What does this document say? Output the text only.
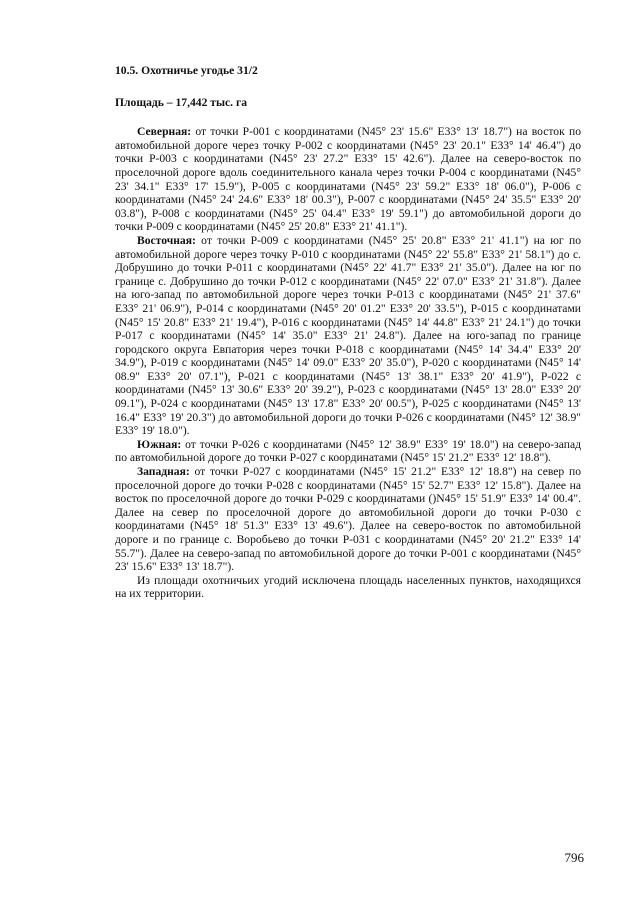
10.5. Охотничье угодье 31/2

Площадь – 17,442 тыс. га

Северная: от точки Р-001 с координатами (N45° 23' 15.6" E33° 13' 18.7") на восток по автомобильной дороге через точку Р-002 с координатами (N45° 23' 20.1" E33° 14' 46.4") до точки Р-003 с координатами (N45° 23' 27.2" E33° 15' 42.6"). Далее на северо-восток по проселочной дороге вдоль соединительного канала через точки Р-004 с координатами (N45° 23' 34.1" E33° 17' 15.9"), Р-005 с координатами (N45° 23' 59.2" E33° 18' 06.0"), Р-006 с координатами (N45° 24' 24.6" E33° 18' 00.3"), Р-007 с координатами (N45° 24' 35.5" E33° 20' 03.8"), Р-008 с координатами (N45° 25' 04.4" E33° 19' 59.1") до автомобильной дороги до точки Р-009 с координатами (N45° 25' 20.8" E33° 21' 41.1").

Восточная: от точки Р-009 с координатами (N45° 25' 20.8" E33° 21' 41.1") на юг по автомобильной дороге через точку Р-010 с координатами (N45° 22' 55.8" E33° 21' 58.1") до с. Добрушино до точки Р-011 с координатами (N45° 22' 41.7" E33° 21' 35.0"). Далее на юг по границе с. Добрушино до точки Р-012 с координатами (N45° 22' 07.0" E33° 21' 31.8"). Далее на юго-запад по автомобильной дороге через точки Р-013 с координатами (N45° 21' 37.6" E33° 21' 06.9"), Р-014 с координатами (N45° 20' 01.2" E33° 20' 33.5"), Р-015 с координатами (N45° 15' 20.8" E33° 21' 19.4"), Р-016 с координатами (N45° 14' 44.8" E33° 21' 24.1") до точки Р-017 с координатами (N45° 14' 35.0" E33° 21' 24.8"). Далее на юго-запад по границе городского округа Евпатория через точки Р-018 с координатами (N45° 14' 34.4" E33° 20' 34.9"), Р-019 с координатами (N45° 14' 09.0" E33° 20' 35.0"), Р-020 с координатами (N45° 14' 08.9" E33° 20' 07.1"), Р-021 с координатами (N45° 13' 38.1" E33° 20' 41.9"), Р-022 с координатами (N45° 13' 30.6" E33° 20' 39.2"), Р-023 с координатами (N45° 13' 28.0" E33° 20' 09.1"), Р-024 с координатами (N45° 13' 17.8" E33° 20' 00.5"), Р-025 с координатами (N45° 13' 16.4" E33° 19' 20.3") до автомобильной дороги до точки Р-026 с координатами (N45° 12' 38.9" E33° 19' 18.0").

Южная: от точки Р-026 с координатами (N45° 12' 38.9" E33° 19' 18.0") на северо-запад по автомобильной дороге до точки Р-027 с координатами (N45° 15' 21.2" E33° 12' 18.8").

Западная: от точки Р-027 с координатами (N45° 15' 21.2" E33° 12' 18.8") на север по проселочной дороге до точки Р-028 с координатами (N45° 15' 52.7" E33° 12' 15.8"). Далее на восток по проселочной дороге до точки Р-029 с координатами ()N45° 15' 51.9" E33° 14' 00.4". Далее на север по проселочной дороге до автомобильной дороги до точки Р-030 с координатами (N45° 18' 51.3" E33° 13' 49.6"). Далее на северо-восток по автомобильной дороге и по границе с. Воробьево до точки Р-031 с координатами (N45° 20' 21.2" E33° 14' 55.7"). Далее на северо-запад по автомобильной дороге до точки Р-001 с координатами (N45° 23' 15.6" E33° 13' 18.7").

Из площади охотничьих угодий исключена площадь населенных пунктов, находящихся на их территории.

796
